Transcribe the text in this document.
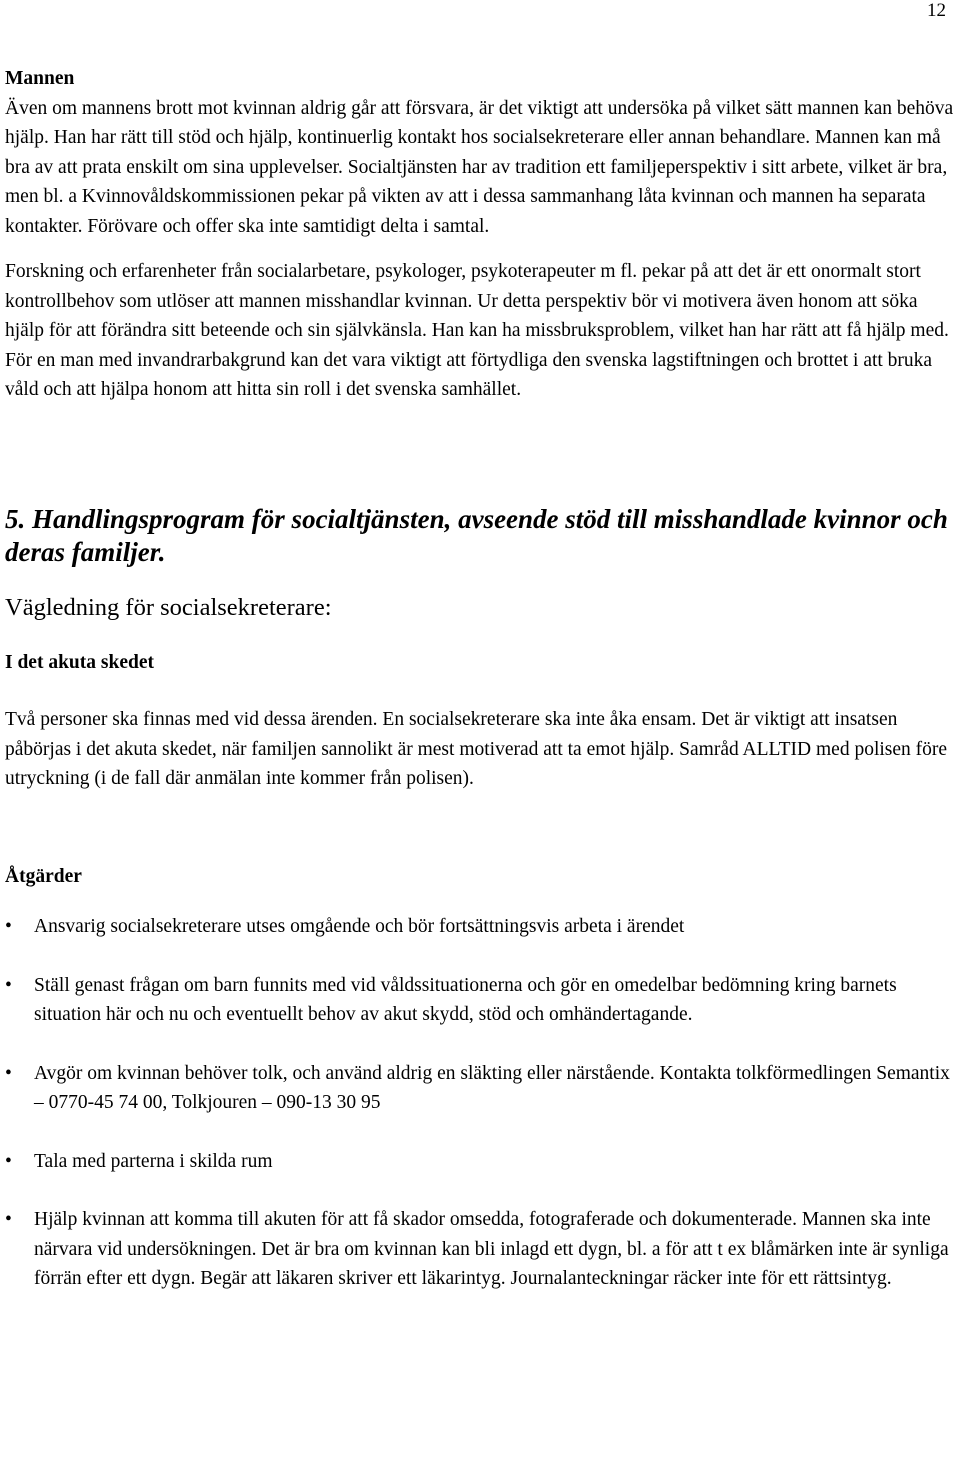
12

Mannen

Även om mannens brott mot kvinnan aldrig går att försvara, är det viktigt att undersöka på vilket sätt mannen kan behöva hjälp. Han har rätt till stöd och hjälp, kontinuerlig kontakt hos socialsekreterare eller annan behandlare. Mannen kan må bra av att prata enskilt om sina upplevelser. Socialtjänsten har av tradition ett familjeperspektiv i sitt arbete, vilket är bra, men bl. a Kvinnovåldskommissionen pekar på vikten av att i dessa sammanhang låta kvinnan och mannen ha separata kontakter. Förövare och offer ska inte samtidigt delta i samtal.

Forskning och erfarenheter från socialarbetare, psykologer, psykoterapeuter m fl. pekar på att det är ett onormalt stort kontrollbehov som utlöser att mannen misshandlar kvinnan. Ur detta perspektiv bör vi motivera även honom att söka hjälp för att förändra sitt beteende och sin självkänsla. Han kan ha missbruksproblem, vilket han har rätt att få hjälp med. För en man med invandrarbakgrund kan det vara viktigt att förtydliga den svenska lagstiftningen och brottet i att bruka våld och att hjälpa honom att hitta sin roll i det svenska samhället.

5. Handlingsprogram för socialtjänsten, avseende stöd till misshandlade kvinnor och deras familjer.
Vägledning för socialsekreterare:

I det akuta skedet

Två personer ska finnas med vid dessa ärenden. En socialsekreterare ska inte åka ensam. Det är viktigt att insatsen påbörjas i det akuta skedet, när familjen sannolikt är mest motiverad att ta emot hjälp. Samråd ALLTID med polisen före utryckning (i de fall där anmälan inte kommer från polisen).

Åtgärder

•	Ansvarig socialsekreterare utses omgående och bör fortsättningsvis arbeta i ärendet
•	Ställ genast frågan om barn funnits med vid våldssituationerna och gör en omedelbar bedömning kring barnets situation här och nu och eventuellt behov av akut skydd, stöd och omhändertagande.
•	Avgör om kvinnan behöver tolk, och använd aldrig en släkting eller närstående. Kontakta tolkförmedlingen Semantix – 0770-45 74 00, Tolkjouren – 090-13 30 95
•	Tala med parterna i skilda rum
•	Hjälp kvinnan att komma till akuten för att få skador omsedda, fotograferade och dokumenterade. Mannen ska inte närvara vid undersökningen. Det är bra om kvinnan kan bli inlagd ett dygn, bl. a för att t ex blåmärken inte är synliga förrän efter ett dygn. Begär att läkaren skriver ett läkarintyg. Journalanteckningar räcker inte för ett rättsintyg.
